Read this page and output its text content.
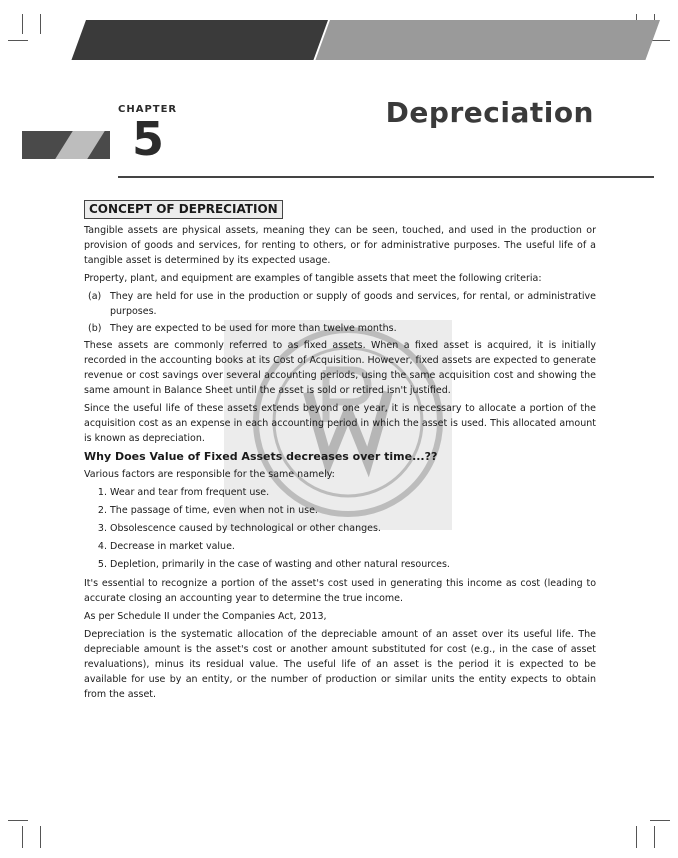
CHAPTER
5	Depreciation
CONCEPT OF DEPRECIATION

Tangible assets are physical assets, meaning they can be seen, touched, and used in the production or provision of goods and services, for renting to others, or for administrative purposes. The useful life of a tangible asset is determined by its expected usage.

Property, plant, and equipment are examples of tangible assets that meet the following criteria:

(a) They are held for use in the production or supply of goods and services, for rental, or administrative purposes.
(b) They are expected to be used for more than twelve months.

These assets are commonly referred to as fixed assets. When a fixed asset is acquired, it is initially recorded in the accounting books at its Cost of Acquisition. However, fixed assets are expected to generate revenue or cost savings over several accounting periods, using the same acquisition cost and showing the same amount in Balance Sheet until the asset is sold or retired isn't justified.

Since the useful life of these assets extends beyond one year, it is necessary to allocate a portion of the acquisition cost as an expense in each accounting period in which the asset is used. This allocated amount is known as depreciation.

Why Does Value of Fixed Assets decreases over time...??

Various factors are responsible for the same namely:

1. Wear and tear from frequent use.
2. The passage of time, even when not in use.
3. Obsolescence caused by technological or other changes.
4. Decrease in market value.
5. Depletion, primarily in the case of wasting and other natural resources.

It's essential to recognize a portion of the asset's cost used in generating this income as cost (leading to accurate closing an accounting year to determine the true income.

As per Schedule II under the Companies Act, 2013,

Depreciation is the systematic allocation of the depreciable amount of an asset over its useful life. The depreciable amount is the asset's cost or another amount substituted for cost (e.g., in the case of asset revaluations), minus its residual value. The useful life of an asset is the period it is expected to be available for use by an entity, or the number of production or similar units the entity expects to obtain from the asset.
